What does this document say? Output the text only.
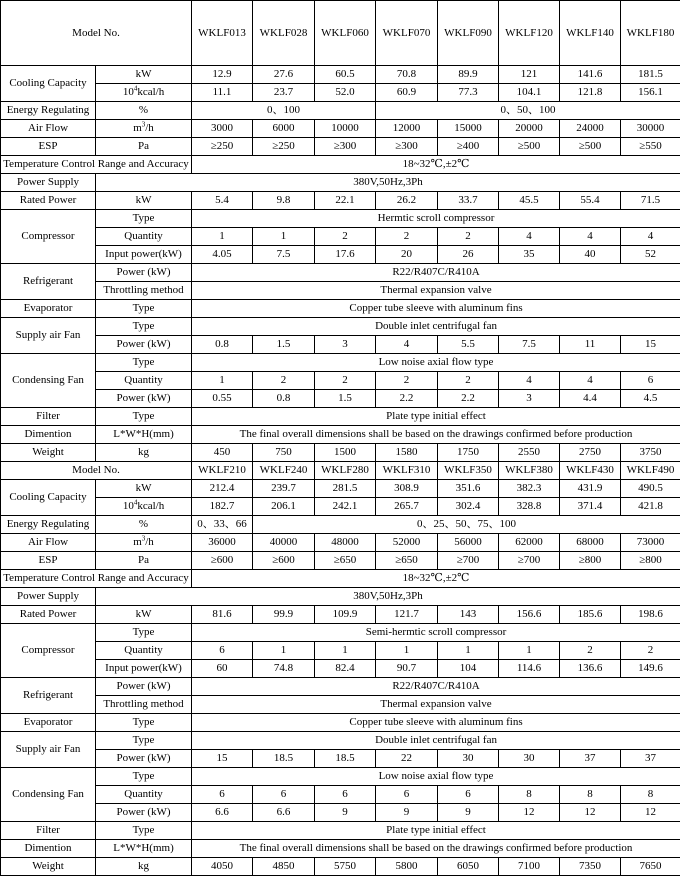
Model No.		WKLF013	WKLF028	WKLF060	WKLF070	WKLF090	WKLF120	WKLF140	WKLF180
Cooling Capacity	kW	12.9	27.6	60.5	70.8	89.9	121	141.6	181.5
	$10^4kcal/h$	11.1	23.7	52.0	60.9	77.3	104.1	121.8	156.1
Energy Regulating	%	0、100			0、50、100				
Air Flow	$m^3/h$	3000	6000	10000	12000	15000	20000	24000	30000
ESP	Pa	≥250	≥250	≥300	≥300	≥400	≥500	≥500	≥550
Temperature Control Range and Accuracy		18~32℃,±2℃							
Power Supply	380V,50Hz,3Ph								
Rated Power	kW	5.4	9.8	22.1	26.2	33.7	45.5	55.4	71.5
Compressor	Type	Hermtic scroll compressor							
	Quantity	1	1	2	2	2	4	4	4
	Input power(kW)	4.05	7.5	17.6	20	26	35	40	52
Refrigerant	Power (kW)	R22/R407C/R410A							
	Throttling method	Thermal expansion valve							
Evaporator	Type	Copper tube sleeve with aluminum fins							
Supply air Fan	Type	Double inlet centrifugal fan							
	Power (kW)	0.8	1.5	3	4	5.5	7.5	11	15
Condensing Fan	Type	Low noise axial flow type							
	Quantity	1	2	2	2	2	4	4	6
	Power (kW)	0.55	0.8	1.5	2.2	2.2	3	4.4	4.5
Filter	Type	Plate type initial effect							
Dimention	L*W*H(mm)	The final overall dimensions shall be based on the drawings confirmed before production							
Weight	kg	450	750	1500	1580	1750	2550	2750	3750
Model No.		WKLF210	WKLF240	WKLF280	WKLF310	WKLF350	WKLF380	WKLF430	WKLF490
Cooling Capacity	kW	212.4	239.7	281.5	308.9	351.6	382.3	431.9	490.5
	$10^4kcal/h$	182.7	206.1	242.1	265.7	302.4	328.8	371.4	421.8
Energy Regulating	%	0、33、66	0、25、50、75、100						
Air Flow	$m^3/h$	36000	40000	48000	52000	56000	62000	68000	73000
ESP	Pa	≥600	≥600	≥650	≥650	≥700	≥700	≥800	≥800
Temperature Control Range and Accuracy		18~32℃,±2℃							
Power Supply	380V,50Hz,3Ph								
Rated Power	kW	81.6	99.9	109.9	121.7	143	156.6	185.6	198.6
Compressor	Type	Semi-hermtic scroll compressor							
	Quantity	6	1	1	1	1	1	2	2
	Input power(kW)	60	74.8	82.4	90.7	104	114.6	136.6	149.6
Refrigerant	Power (kW)	R22/R407C/R410A							
	Throttling method	Thermal expansion valve							
Evaporator	Type	Copper tube sleeve with aluminum fins							
Supply air Fan	Type	Double inlet centrifugal fan							
	Power (kW)	15	18.5	18.5	22	30	30	37	37
Condensing Fan	Type	Low noise axial flow type							
	Quantity	6	6	6	6	6	8	8	8
	Power (kW)	6.6	6.6	9	9	9	12	12	12
Filter	Type	Plate type initial effect							
Dimention	L*W*H(mm)	The final overall dimensions shall be based on the drawings confirmed before production							
Weight	kg	4050	4850	5750	5800	6050	7100	7350	7650
